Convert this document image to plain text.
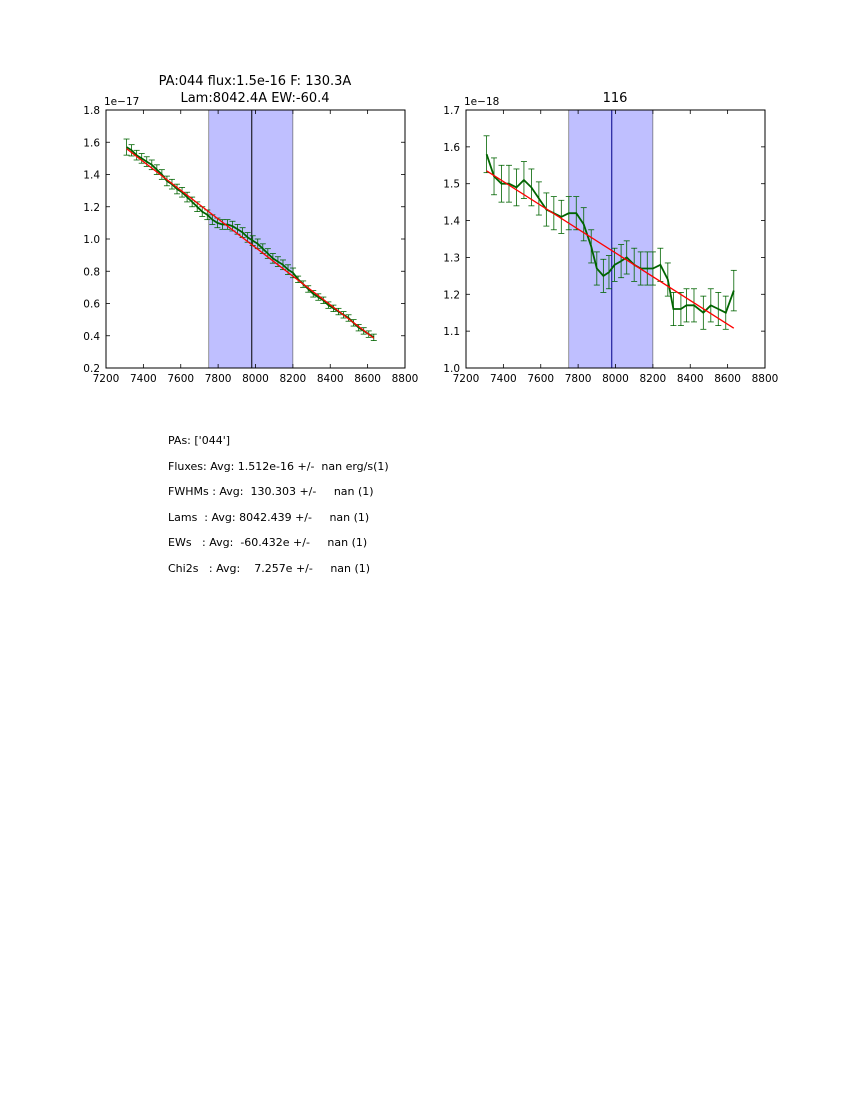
PA:044 flux:1.5e-16 F: 130.3A
Lam:8042.4A EW:-60.4	116
7200 7400 7600 7800 8000 8200 8400 8600 8800
0.2
0.4
0.6
0.8
1.0
1.2
1.4
1.6
1.8
1e−17
7200 7400 7600 7800 8000 8200 8400 8600 8800
1.0
1.1
1.2
1.3
1.4
1.5
1.6
1.7
1e−18
PAs: ['044']
Fluxes: Avg: 1.512e-16 +/-  nan erg/s(1)
FWHMs : Avg:  130.303 +/-     nan (1)
Lams  : Avg: 8042.439 +/-     nan (1)
EWs   : Avg:  -60.432e +/-     nan (1)
Chi2s   : Avg:    7.257e +/-     nan (1)
